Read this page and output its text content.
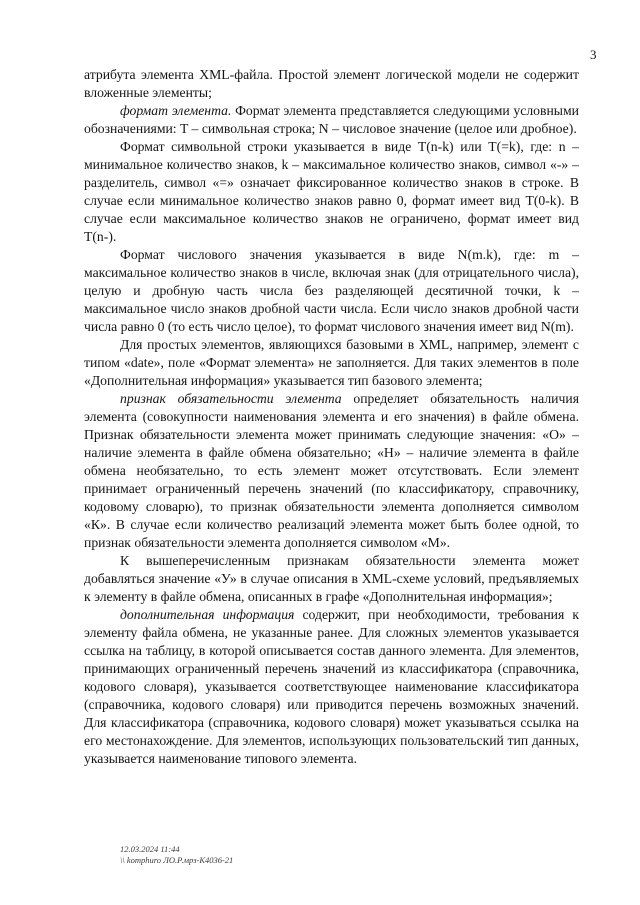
3

атрибута элемента XML-файла. Простой элемент логической модели не содержит вложенные элементы;

формат элемента. Формат элемента представляется следующими условными обозначениями: T – символьная строка; N – числовое значение (целое или дробное).

Формат символьной строки указывается в виде T(n-k) или T(=k), где: n – минимальное количество знаков, k – максимальное количество знаков, символ «-» – разделитель, символ «=» означает фиксированное количество знаков в строке. В случае если минимальное количество знаков равно 0, формат имеет вид T(0-k). В случае если максимальное количество знаков не ограничено, формат имеет вид T(n-).

Формат числового значения указывается в виде N(m.k), где: m – максимальное количество знаков в числе, включая знак (для отрицательного числа), целую и дробную часть числа без разделяющей десятичной точки, k – максимальное число знаков дробной части числа. Если число знаков дробной части числа равно 0 (то есть число целое), то формат числового значения имеет вид N(m).

Для простых элементов, являющихся базовыми в XML, например, элемент с типом «date», поле «Формат элемента» не заполняется. Для таких элементов в поле «Дополнительная информация» указывается тип базового элемента;

признак обязательности элемента определяет обязательность наличия элемента (совокупности наименования элемента и его значения) в файле обмена. Признак обязательности элемента может принимать следующие значения: «О» – наличие элемента в файле обмена обязательно; «Н» – наличие элемента в файле обмена необязательно, то есть элемент может отсутствовать. Если элемент принимает ограниченный перечень значений (по классификатору, справочнику, кодовому словарю), то признак обязательности элемента дополняется символом «К». В случае если количество реализаций элемента может быть более одной, то признак обязательности элемента дополняется символом «М».

К вышеперечисленным признакам обязательности элемента может добавляться значение «У» в случае описания в XML-схеме условий, предъявляемых к элементу в файле обмена, описанных в графе «Дополнительная информация»;

дополнительная информация содержит, при необходимости, требования к элементу файла обмена, не указанные ранее. Для сложных элементов указывается ссылка на таблицу, в которой описывается состав данного элемента. Для элементов, принимающих ограниченный перечень значений из классификатора (справочника, кодового словаря), указывается соответствующее наименование классификатора (справочника, кодового словаря) или приводится перечень возможных значений. Для классификатора (справочника, кодового словаря) может указываться ссылка на его местонахождение. Для элементов, использующих пользовательский тип данных, указывается наименование типового элемента.

12.03.2024 11:44
\\ komphuro ЛО.Р.мрз-К4036-21
